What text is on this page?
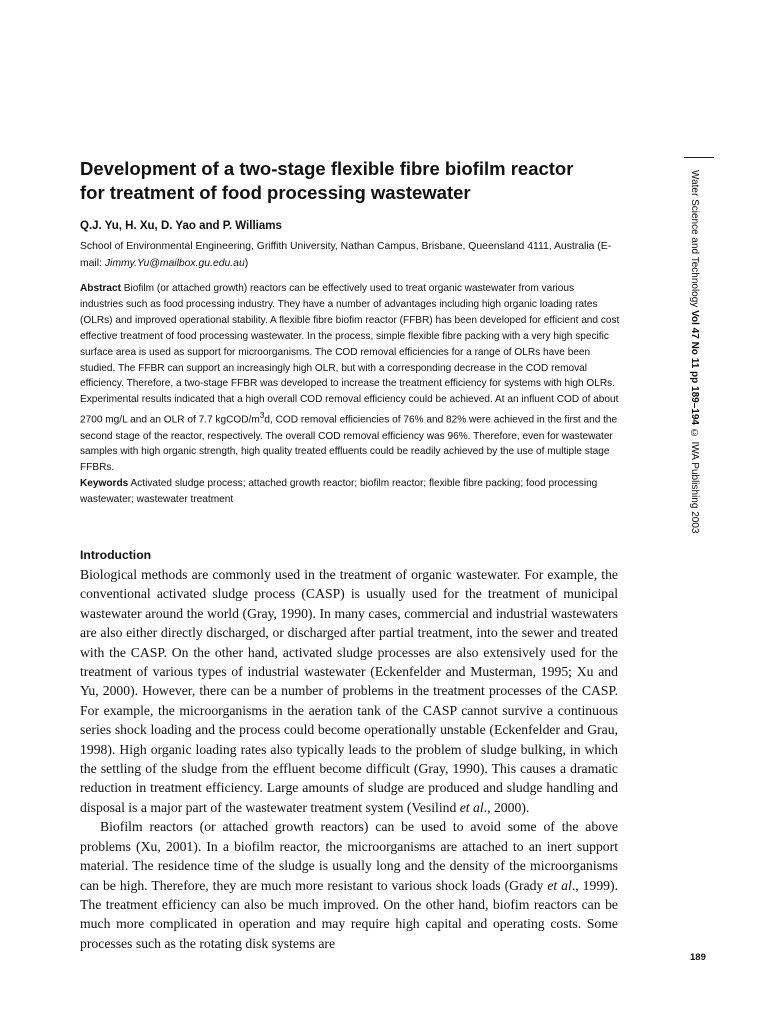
Development of a two-stage flexible fibre biofilm reactor
for treatment of food processing wastewater
Q.J. Yu, H. Xu, D. Yao and P. Williams
School of Environmental Engineering, Griffith University, Nathan Campus, Brisbane, Queensland 4111, Australia (E-mail: Jimmy.Yu@mailbox.gu.edu.au)

Abstract Biofilm (or attached growth) reactors can be effectively used to treat organic wastewater from various industries such as food processing industry. They have a number of advantages including high organic loading rates (OLRs) and improved operational stability. A flexible fibre biofim reactor (FFBR) has been developed for efficient and cost effective treatment of food processing wastewater. In the process, simple flexible fibre packing with a very high specific surface area is used as support for microorganisms. The COD removal efficiencies for a range of OLRs have been studied. The FFBR can support an increasingly high OLR, but with a corresponding decrease in the COD removal efficiency. Therefore, a two-stage FFBR was developed to increase the treatment efficiency for systems with high OLRs. Experimental results indicated that a high overall COD removal efficiency could be achieved. At an influent COD of about 2700 mg/L and an OLR of 7.7 kgCOD/$m^3d$, COD removal efficiencies of 76% and 82% were achieved in the first and the second stage of the reactor, respectively. The overall COD removal efficiency was 96%. Therefore, even for wastewater samples with high organic strength, high quality treated effluents could be readily achieved by the use of multiple stage FFBRs.

Keywords Activated sludge process; attached growth reactor; biofilm reactor; flexible fibre packing; food processing wastewater; wastewater treatment

Introduction

Biological methods are commonly used in the treatment of organic wastewater. For example, the conventional activated sludge process (CASP) is usually used for the treatment of municipal wastewater around the world (Gray, 1990). In many cases, commercial and industrial wastewaters are also either directly discharged, or discharged after partial treatment, into the sewer and treated with the CASP. On the other hand, activated sludge processes are also extensively used for the treatment of various types of industrial wastewater (Eckenfelder and Musterman, 1995; Xu and Yu, 2000). However, there can be a number of problems in the treatment processes of the CASP. For example, the microorganisms in the aeration tank of the CASP cannot survive a continuous series shock loading and the process could become operationally unstable (Eckenfelder and Grau, 1998). High organic loading rates also typically leads to the problem of sludge bulking, in which the settling of the sludge from the effluent become difficult (Gray, 1990). This causes a dramatic reduction in treatment efficiency. Large amounts of sludge are produced and sludge handling and disposal is a major part of the wastewater treatment system (Vesilind et al., 2000).

Biofilm reactors (or attached growth reactors) can be used to avoid some of the above problems (Xu, 2001). In a biofilm reactor, the microorganisms are attached to an inert support material. The residence time of the sludge is usually long and the density of the microorganisms can be high. Therefore, they are much more resistant to various shock loads (Grady et al., 1999). The treatment efficiency can also be much improved. On the other hand, biofim reactors can be much more complicated in operation and may require high capital and operating costs. Some processes such as the rotating disk systems are

Water Science and Technology Vol 47 No 11 pp 189–194 © IWA Publishing 2003
189
